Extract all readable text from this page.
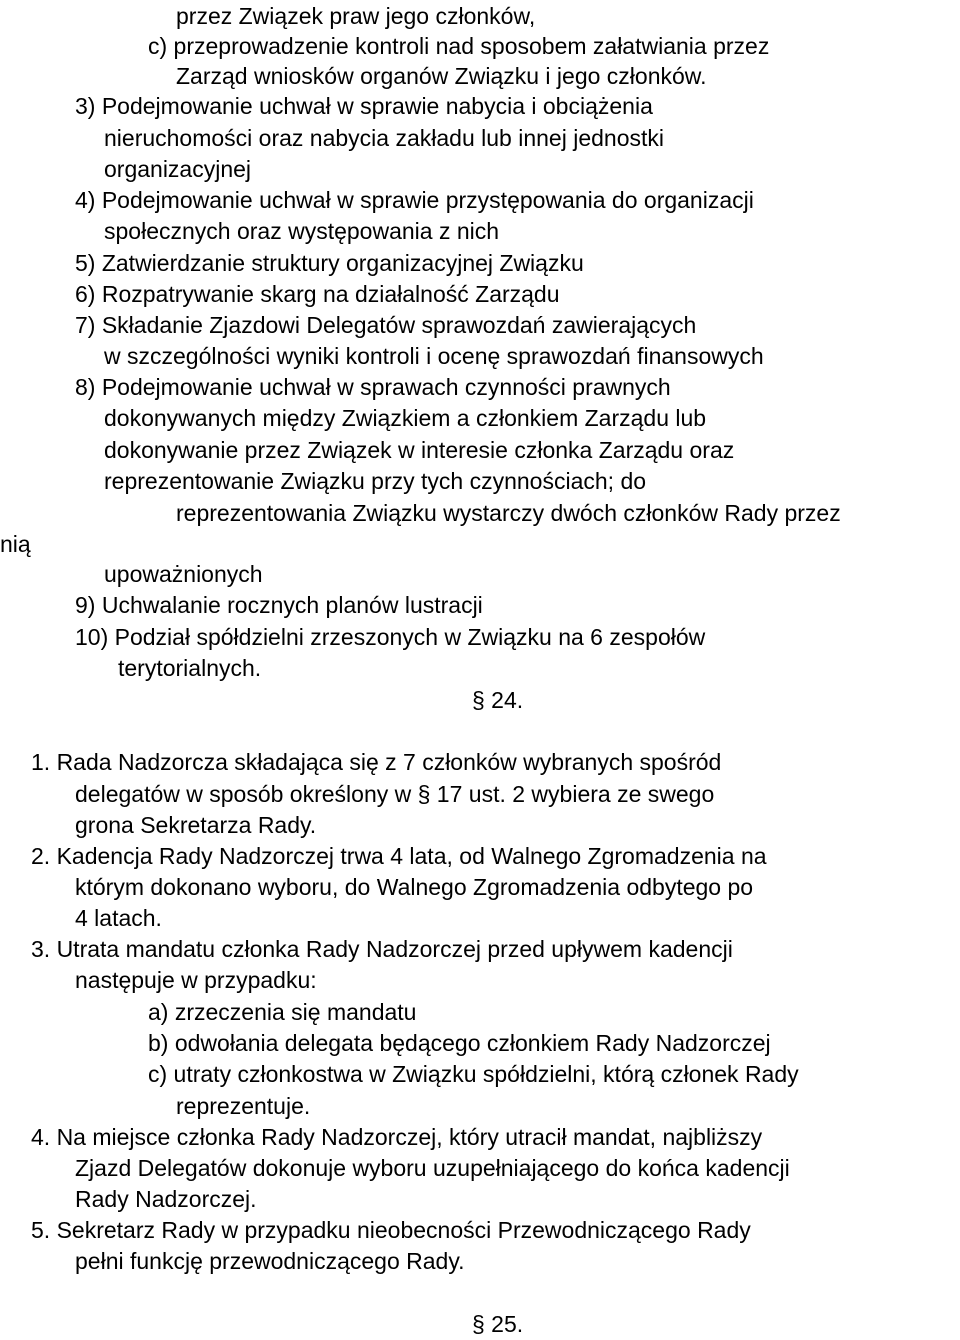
przez Związek praw jego członków,
c) przeprowadzenie kontroli nad sposobem załatwiania przez
Zarząd wniosków organów Związku i jego członków.
3) Podejmowanie uchwał w sprawie nabycia i obciążenia
nieruchomości oraz nabycia zakładu lub innej jednostki
organizacyjnej
4) Podejmowanie uchwał w sprawie przystępowania do organizacji
społecznych oraz występowania z nich
5) Zatwierdzanie struktury organizacyjnej Związku
6) Rozpatrywanie skarg na działalność Zarządu
7) Składanie Zjazdowi Delegatów sprawozdań zawierających
w szczególności wyniki kontroli i ocenę sprawozdań finansowych
8) Podejmowanie uchwał w sprawach czynności prawnych
dokonywanych między Związkiem a członkiem Zarządu lub
dokonywanie przez Związek w interesie członka Zarządu oraz
reprezentowanie Związku przy tych czynnościach; do
reprezentowania Związku wystarczy dwóch członków Rady przez
nią
upoważnionych
9) Uchwalanie rocznych planów lustracji
10) Podział spółdzielni zrzeszonych w Związku na 6 zespołów
terytorialnych.
§ 24.
1. Rada Nadzorcza składająca się z 7 członków wybranych spośród
delegatów w sposób określony w § 17 ust. 2 wybiera ze swego
grona Sekretarza Rady.
2. Kadencja Rady Nadzorczej trwa 4 lata, od Walnego Zgromadzenia na
którym dokonano wyboru, do Walnego Zgromadzenia odbytego po
4 latach.
3. Utrata mandatu członka Rady Nadzorczej przed upływem kadencji
następuje w przypadku:
a) zrzeczenia się mandatu
b) odwołania delegata będącego członkiem Rady Nadzorczej
c) utraty członkostwa w Związku spółdzielni, którą członek Rady
reprezentuje.
4. Na miejsce członka Rady Nadzorczej, który utracił mandat, najbliższy
Zjazd Delegatów dokonuje wyboru uzupełniającego do końca kadencji
Rady Nadzorczej.
5. Sekretarz Rady w przypadku nieobecności Przewodniczącego Rady
pełni funkcję przewodniczącego Rady.
§ 25.
